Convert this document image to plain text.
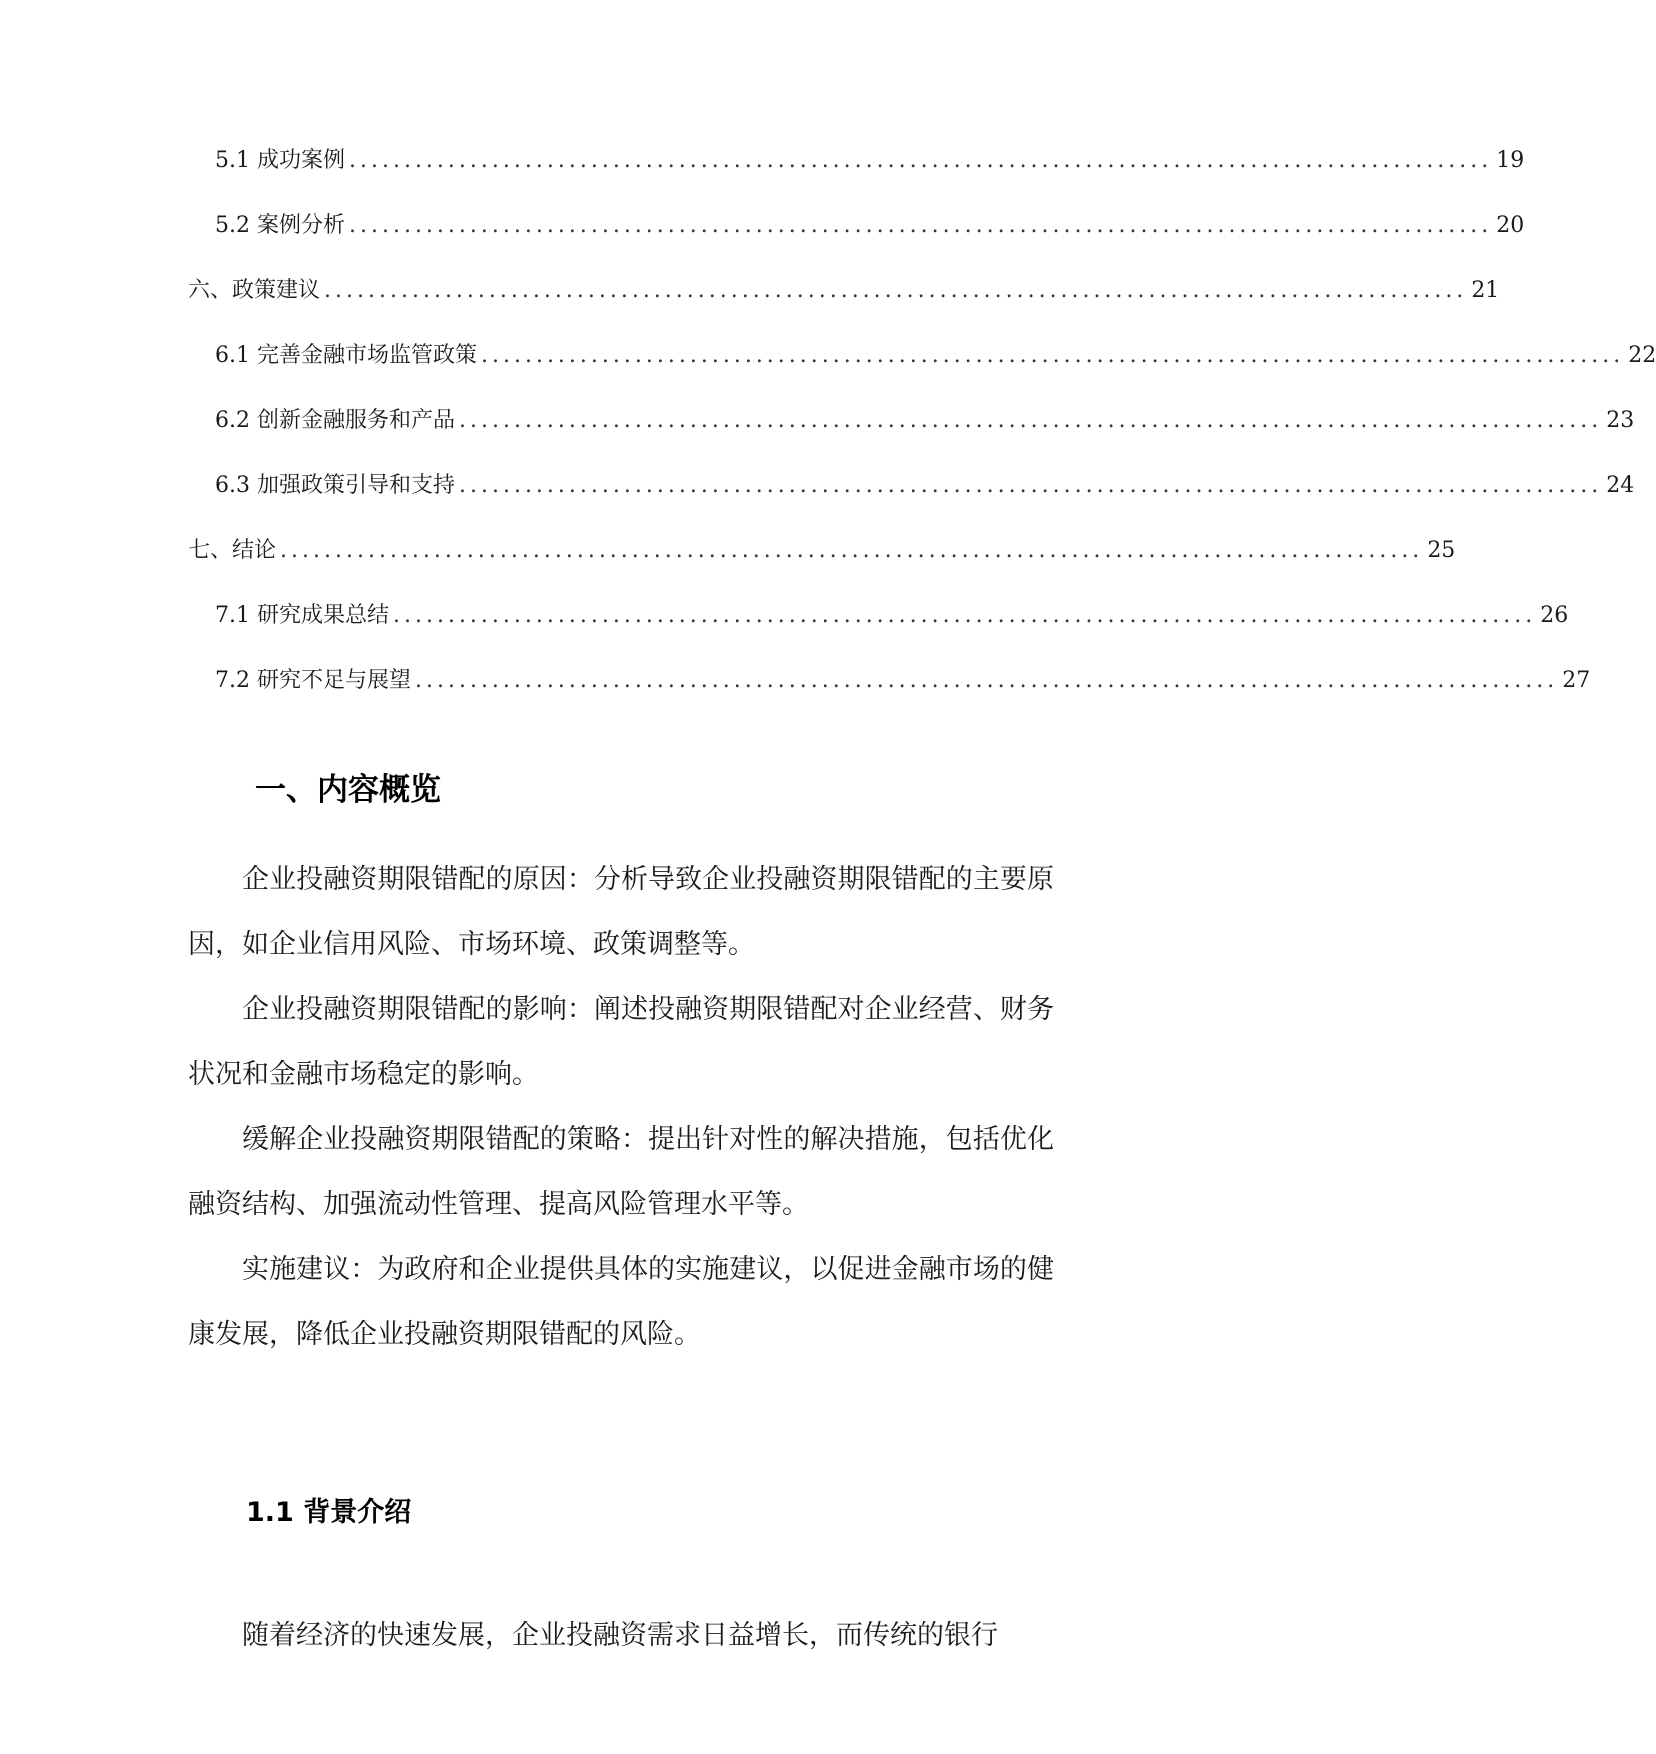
5.1 成功案例 ........................................................................................................ 19
5.2 案例分析 ........................................................................................................ 20
六、政策建议 ........................................................................................................ 21
6.1 完善金融市场监管政策 ........................................................................................................ 22
6.2 创新金融服务和产品 ........................................................................................................ 23
6.3 加强政策引导和支持 ........................................................................................................ 24
七、结论 ........................................................................................................ 25
7.1 研究成果总结 ........................................................................................................ 26
7.2 研究不足与展望 ........................................................................................................ 27
一、内容概览

企业投融资期限错配的原因：分析导致企业投融资期限错配的主要原因，如企业信用风险、市场环境、政策调整等。

企业投融资期限错配的影响：阐述投融资期限错配对企业经营、财务状况和金融市场稳定的影响。

缓解企业投融资期限错配的策略：提出针对性的解决措施，包括优化融资结构、加强流动性管理、提高风险管理水平等。

实施建议：为政府和企业提供具体的实施建议，以促进金融市场的健康发展，降低企业投融资期限错配的风险。

1.1 背景介绍

随着经济的快速发展，企业投融资需求日益增长，而传统的银行
